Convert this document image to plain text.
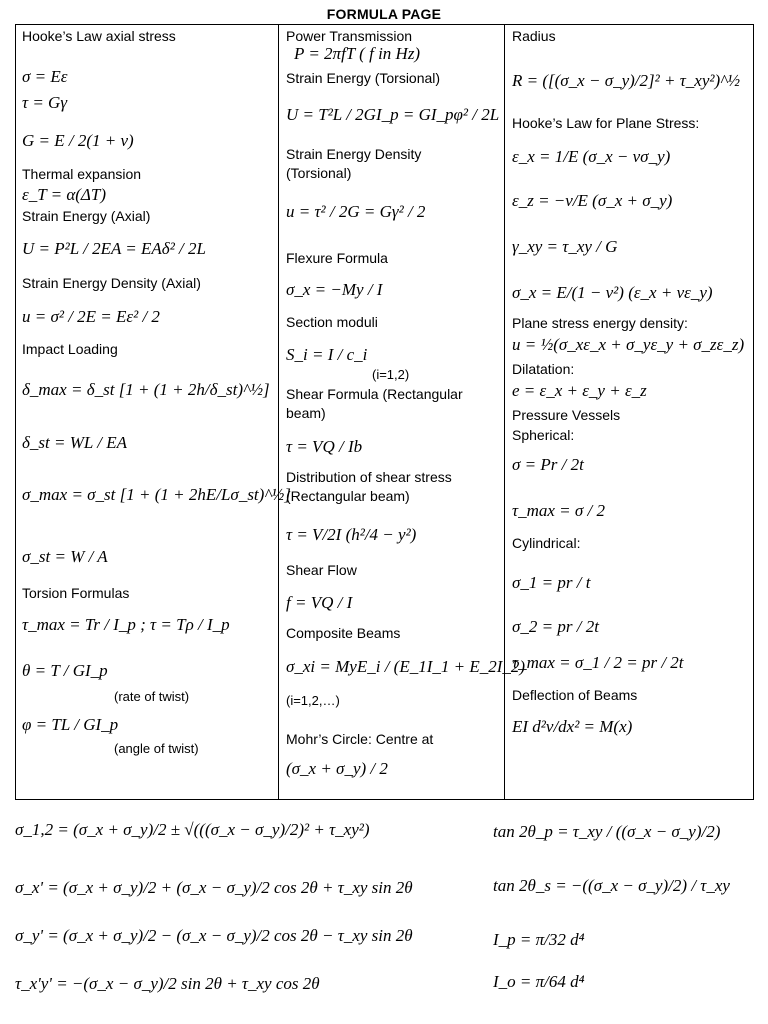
FORMULA PAGE
Hooke’s Law axial stress
σ = Eε
τ = Gγ
G = E / 2(1 + ν)
Thermal expansion
ε_T = α(ΔT)
Strain Energy (Axial)
U = P²L / 2EA = EAδ² / 2L
Strain Energy Density (Axial)
u = σ² / 2E = Eε² / 2
Impact Loading
δ_max = δ_st [1 + (1 + 2h/δ_st)^½]
δ_st = WL / EA
σ_max = σ_st [1 + (1 + 2hE/Lσ_st)^½]
σ_st = W / A
Torsion Formulas
τ_max = Tr / I_p ; τ = Tρ / I_p
θ = T / GI_p
(rate of twist)
φ = TL / GI_p
(angle of twist)
Power Transmission
P = 2πfT ( f in Hz)
Strain Energy (Torsional)
U = T²L / 2GI_p = GI_pφ² / 2L
Strain Energy Density
(Torsional)
u = τ² / 2G = Gγ² / 2
Flexure Formula
σ_x = −My / I
Section moduli
S_i = I / c_i
(i=1,2)
Shear Formula (Rectangular
beam)
τ = VQ / Ib
Distribution of shear stress
(Rectangular beam)
τ = V/2I (h²/4 − y²)
Shear Flow
f = VQ / I
Composite Beams
σ_xi = MyE_i / (E_1I_1 + E_2I_2)
(i=1,2,…)
Mohr’s Circle: Centre at
(σ_x + σ_y) / 2
Radius
R = ([(σ_x − σ_y)/2]² + τ_xy²)^½
Hooke’s Law for Plane Stress:
ε_x = 1/E (σ_x − νσ_y)
ε_z = −ν/E (σ_x + σ_y)
γ_xy = τ_xy / G
σ_x = E/(1 − ν²) (ε_x + νε_y)
Plane stress energy density:
u = ½(σ_xε_x + σ_yε_y + σ_zε_z)
Dilatation:
e = ε_x + ε_y + ε_z
Pressure Vessels
Spherical:
σ = Pr / 2t
τ_max = σ / 2
Cylindrical:
σ_1 = pr / t
σ_2 = pr / 2t
τ_max = σ_1 / 2 = pr / 2t
Deflection of Beams
EI d²v/dx² = M(x)
σ_1,2 = (σ_x + σ_y)/2 ± √(((σ_x − σ_y)/2)² + τ_xy²)
σ_x' = (σ_x + σ_y)/2 + (σ_x − σ_y)/2 cos 2θ + τ_xy sin 2θ
σ_y' = (σ_x + σ_y)/2 − (σ_x − σ_y)/2 cos 2θ − τ_xy sin 2θ
τ_x'y' = −(σ_x − σ_y)/2 sin 2θ + τ_xy cos 2θ
tan 2θ_p = τ_xy / ((σ_x − σ_y)/2)
tan 2θ_s = −((σ_x − σ_y)/2) / τ_xy
I_p = π/32 d⁴
I_o = π/64 d⁴
